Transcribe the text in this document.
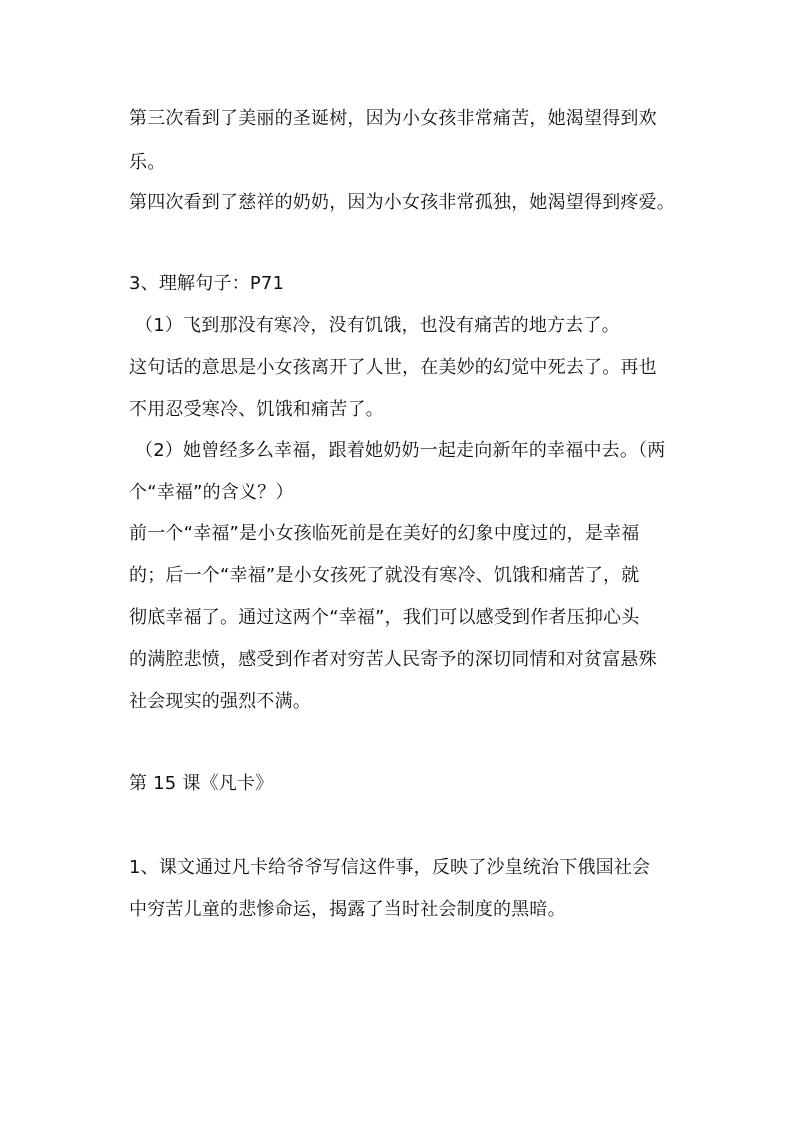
第三次看到了美丽的圣诞树，因为小女孩非常痛苦，她渴望得到欢
乐。
第四次看到了慈祥的奶奶，因为小女孩非常孤独，她渴望得到疼爱。
3、理解句子：P71
（1）飞到那没有寒冷，没有饥饿，也没有痛苦的地方去了。
这句话的意思是小女孩离开了人世，在美妙的幻觉中死去了。再也
不用忍受寒冷、饥饿和痛苦了。
（2）她曾经多么幸福，跟着她奶奶一起走向新年的幸福中去。（两
个“幸福”的含义？）
前一个“幸福”是小女孩临死前是在美好的幻象中度过的，是幸福
的；后一个“幸福”是小女孩死了就没有寒冷、饥饿和痛苦了，就
彻底幸福了。通过这两个“幸福”，我们可以感受到作者压抑心头
的满腔悲愤，感受到作者对穷苦人民寄予的深切同情和对贫富悬殊
社会现实的强烈不满。
第 15 课《凡卡》
1、课文通过凡卡给爷爷写信这件事，反映了沙皇统治下俄国社会
中穷苦儿童的悲惨命运，揭露了当时社会制度的黑暗。
